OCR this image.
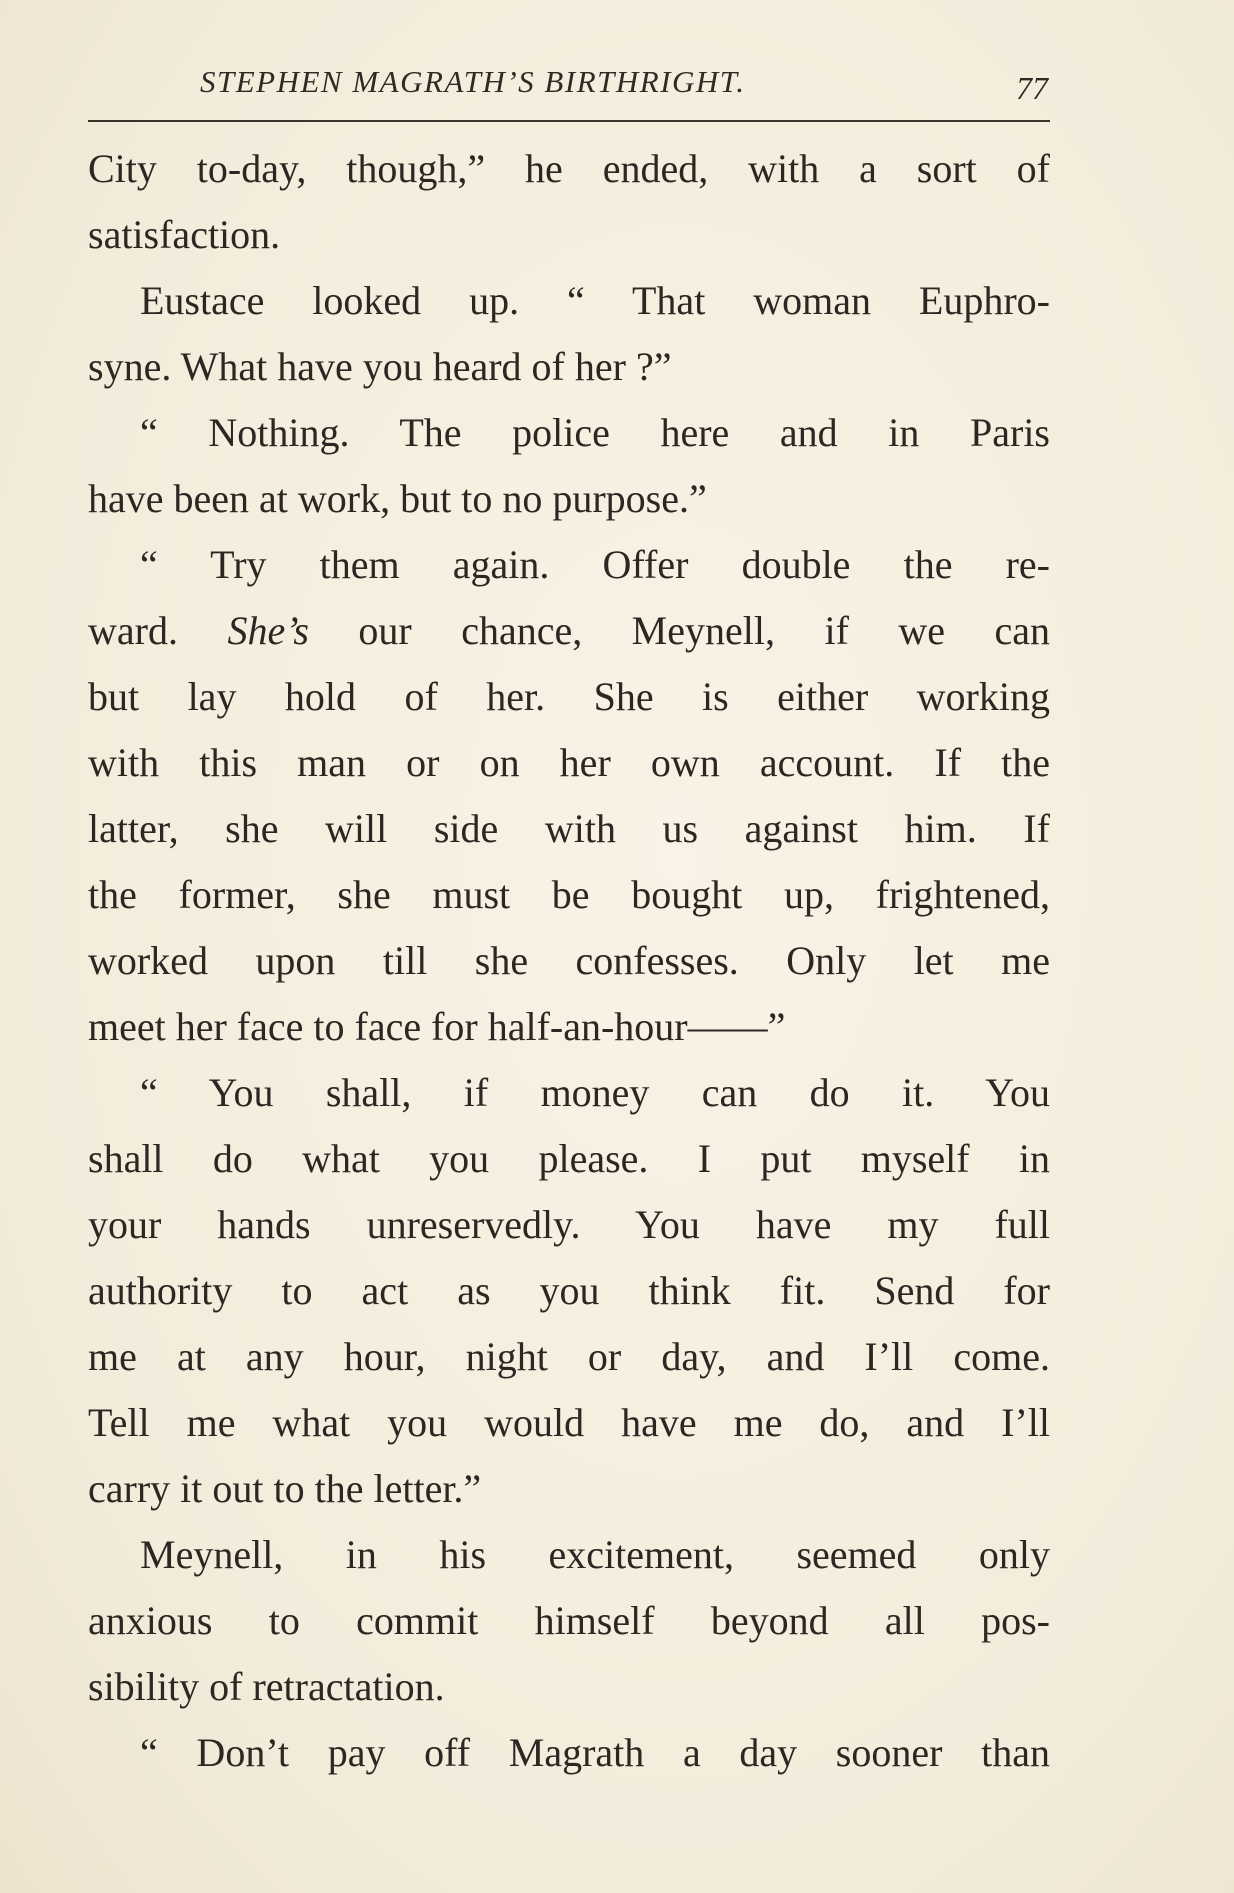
STEPHEN MAGRATH’S BIRTHRIGHT.	77
City to-day, though,” he ended, with a sort of
satisfaction.
Eustace looked up. “ That woman Euphro-
syne. What have you heard of her ?”
“ Nothing. The police here and in Paris
have been at work, but to no purpose.”
“ Try them again. Offer double the re-
ward. She’s our chance, Meynell, if we can
but lay hold of her. She is either working
with this man or on her own account. If the
latter, she will side with us against him. If
the former, she must be bought up, frightened,
worked upon till she confesses. Only let me
meet her face to face for half-an-hour——”
“ You shall, if money can do it. You
shall do what you please. I put myself in
your hands unreservedly. You have my full
authority to act as you think fit. Send for
me at any hour, night or day, and I’ll come.
Tell me what you would have me do, and I’ll
carry it out to the letter.”
Meynell, in his excitement, seemed only
anxious to commit himself beyond all pos-
sibility of retractation.
“ Don’t pay off Magrath a day sooner than
